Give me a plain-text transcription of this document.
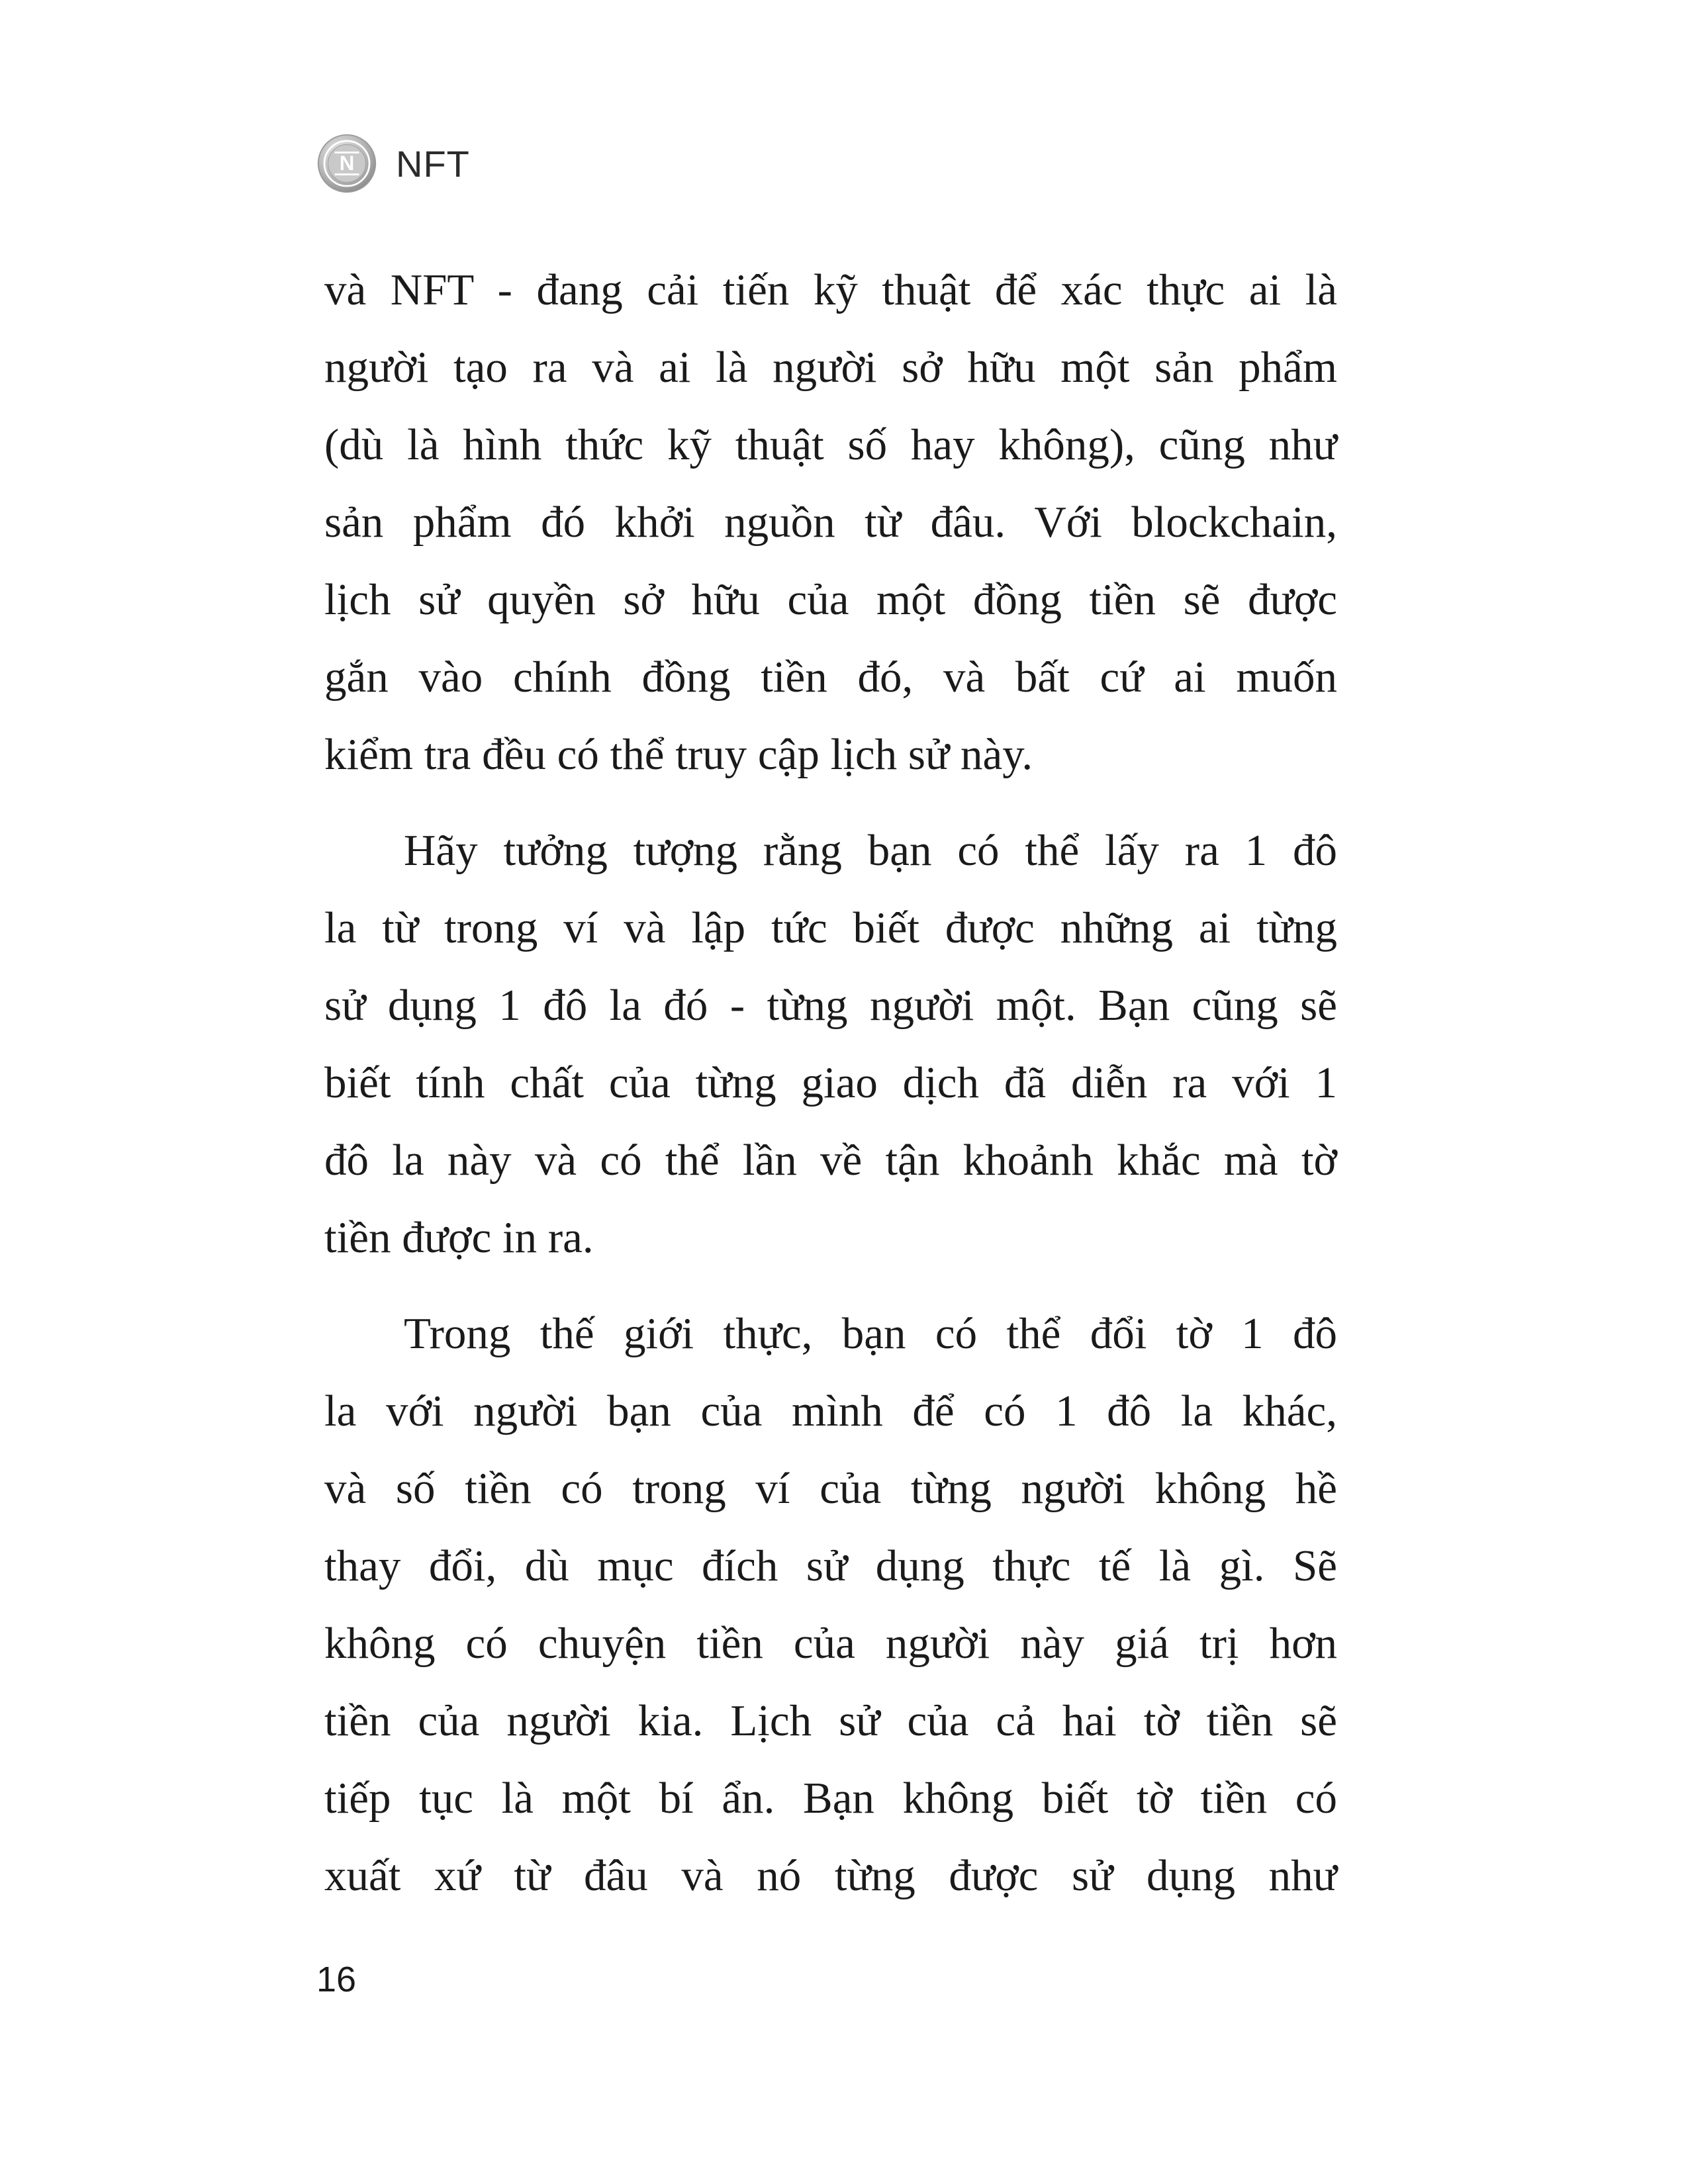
N NFT

và NFT - đang cải tiến kỹ thuật để xác thực ai là
người tạo ra và ai là người sở hữu một sản phẩm
(dù là hình thức kỹ thuật số hay không), cũng như
sản phẩm đó khởi nguồn từ đâu. Với blockchain,
lịch sử quyền sở hữu của một đồng tiền sẽ được
gắn vào chính đồng tiền đó, và bất cứ ai muốn
kiểm tra đều có thể truy cập lịch sử này.

Hãy tưởng tượng rằng bạn có thể lấy ra 1 đô
la từ trong ví và lập tức biết được những ai từng
sử dụng 1 đô la đó - từng người một. Bạn cũng sẽ
biết tính chất của từng giao dịch đã diễn ra với 1
đô la này và có thể lần về tận khoảnh khắc mà tờ
tiền được in ra.

Trong thế giới thực, bạn có thể đổi tờ 1 đô
la với người bạn của mình để có 1 đô la khác,
và số tiền có trong ví của từng người không hề
thay đổi, dù mục đích sử dụng thực tế là gì. Sẽ
không có chuyện tiền của người này giá trị hơn
tiền của người kia. Lịch sử của cả hai tờ tiền sẽ
tiếp tục là một bí ẩn. Bạn không biết tờ tiền có
xuất xứ từ đâu và nó từng được sử dụng như

16
